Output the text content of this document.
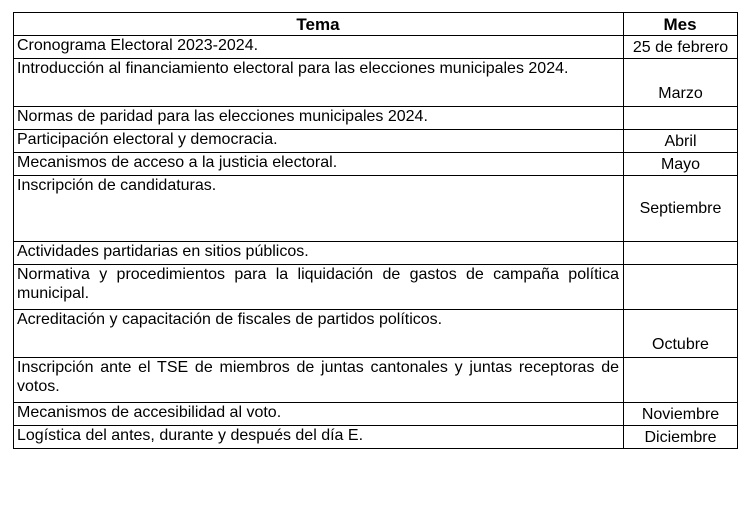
Tema	Mes
Cronograma Electoral 2023-2024.	25 de febrero
Introducción al financiamiento electoral para las elecciones municipales 2024.	Marzo
Normas de paridad para las elecciones municipales 2024.	
Participación electoral y democracia.	Abril
Mecanismos de acceso a la justicia electoral.	Mayo
Inscripción de candidaturas.	Septiembre
Actividades partidarias en sitios públicos.	
Normativa y procedimientos para la liquidación de gastos de campaña política municipal.	
Acreditación y capacitación de fiscales de partidos políticos.	Octubre
Inscripción ante el TSE de miembros de juntas cantonales y juntas receptoras de votos.	
Mecanismos de accesibilidad al voto.	Noviembre
Logística del antes, durante y después del día E.	Diciembre
